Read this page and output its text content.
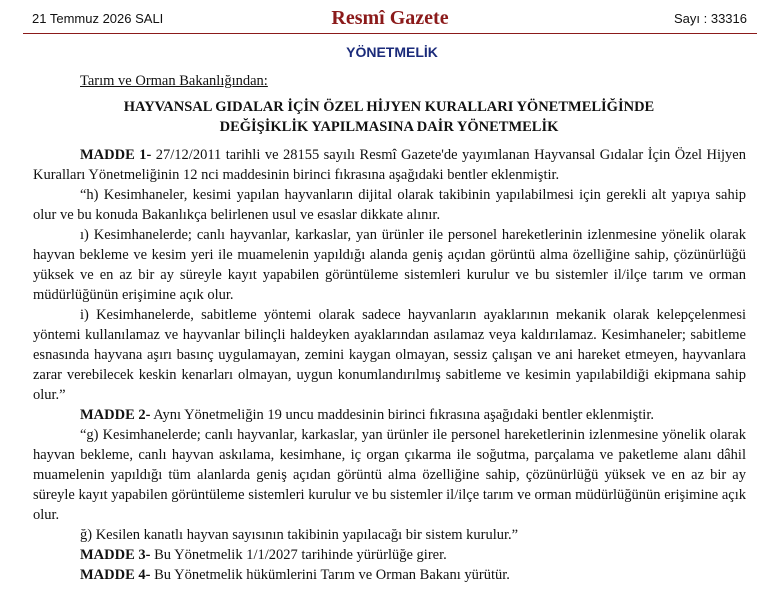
21 Temmuz 2026 SALI	Resmî Gazete	Sayı : 33316
YÖNETMELİK
Tarım ve Orman Bakanlığından:
HAYVANSAL GIDALAR İÇİN ÖZEL HİJYEN KURALLARI YÖNETMELİĞİNDE
DEĞİŞİKLİK YAPILMASINA DAİR YÖNETMELİK

MADDE 1- 27/12/2011 tarihli ve 28155 sayılı Resmî Gazete'de yayımlanan Hayvansal Gıdalar İçin Özel Hijyen Kuralları Yönetmeliğinin 12 nci maddesinin birinci fıkrasına aşağıdaki bentler eklenmiştir.

“h) Kesimhaneler, kesimi yapılan hayvanların dijital olarak takibinin yapılabilmesi için gerekli alt yapıya sahip olur ve bu konuda Bakanlıkça belirlenen usul ve esaslar dikkate alınır.

ı) Kesimhanelerde; canlı hayvanlar, karkaslar, yan ürünler ile personel hareketlerinin izlenmesine yönelik olarak hayvan bekleme ve kesim yeri ile muamelenin yapıldığı alanda geniş açıdan görüntü alma özelliğine sahip, çözünürlüğü yüksek ve en az bir ay süreyle kayıt yapabilen görüntüleme sistemleri kurulur ve bu sistemler il/ilçe tarım ve orman müdürlüğünün erişimine açık olur.

i) Kesimhanelerde, sabitleme yöntemi olarak sadece hayvanların ayaklarının mekanik olarak kelepçelenmesi yöntemi kullanılamaz ve hayvanlar bilinçli haldeyken ayaklarından asılamaz veya kaldırılamaz. Kesimhaneler; sabitleme esnasında hayvana aşırı basınç uygulamayan, zemini kaygan olmayan, sessiz çalışan ve ani hareket etmeyen, hayvanlara zarar verebilecek keskin kenarları olmayan, uygun konumlandırılmış sabitleme ve kesimin yapılabildiği ekipmana sahip olur.”

MADDE 2- Aynı Yönetmeliğin 19 uncu maddesinin birinci fıkrasına aşağıdaki bentler eklenmiştir.

“g) Kesimhanelerde; canlı hayvanlar, karkaslar, yan ürünler ile personel hareketlerinin izlenmesine yönelik olarak hayvan bekleme, canlı hayvan askılama, kesimhane, iç organ çıkarma ile soğutma, parçalama ve paketleme alanı dâhil muamelenin yapıldığı tüm alanlarda geniş açıdan görüntü alma özelliğine sahip, çözünürlüğü yüksek ve en az bir ay süreyle kayıt yapabilen görüntüleme sistemleri kurulur ve bu sistemler il/ilçe tarım ve orman müdürlüğünün erişimine açık olur.

ğ) Kesilen kanatlı hayvan sayısının takibinin yapılacağı bir sistem kurulur.”

MADDE 3- Bu Yönetmelik 1/1/2027 tarihinde yürürlüğe girer.

MADDE 4- Bu Yönetmelik hükümlerini Tarım ve Orman Bakanı yürütür.
